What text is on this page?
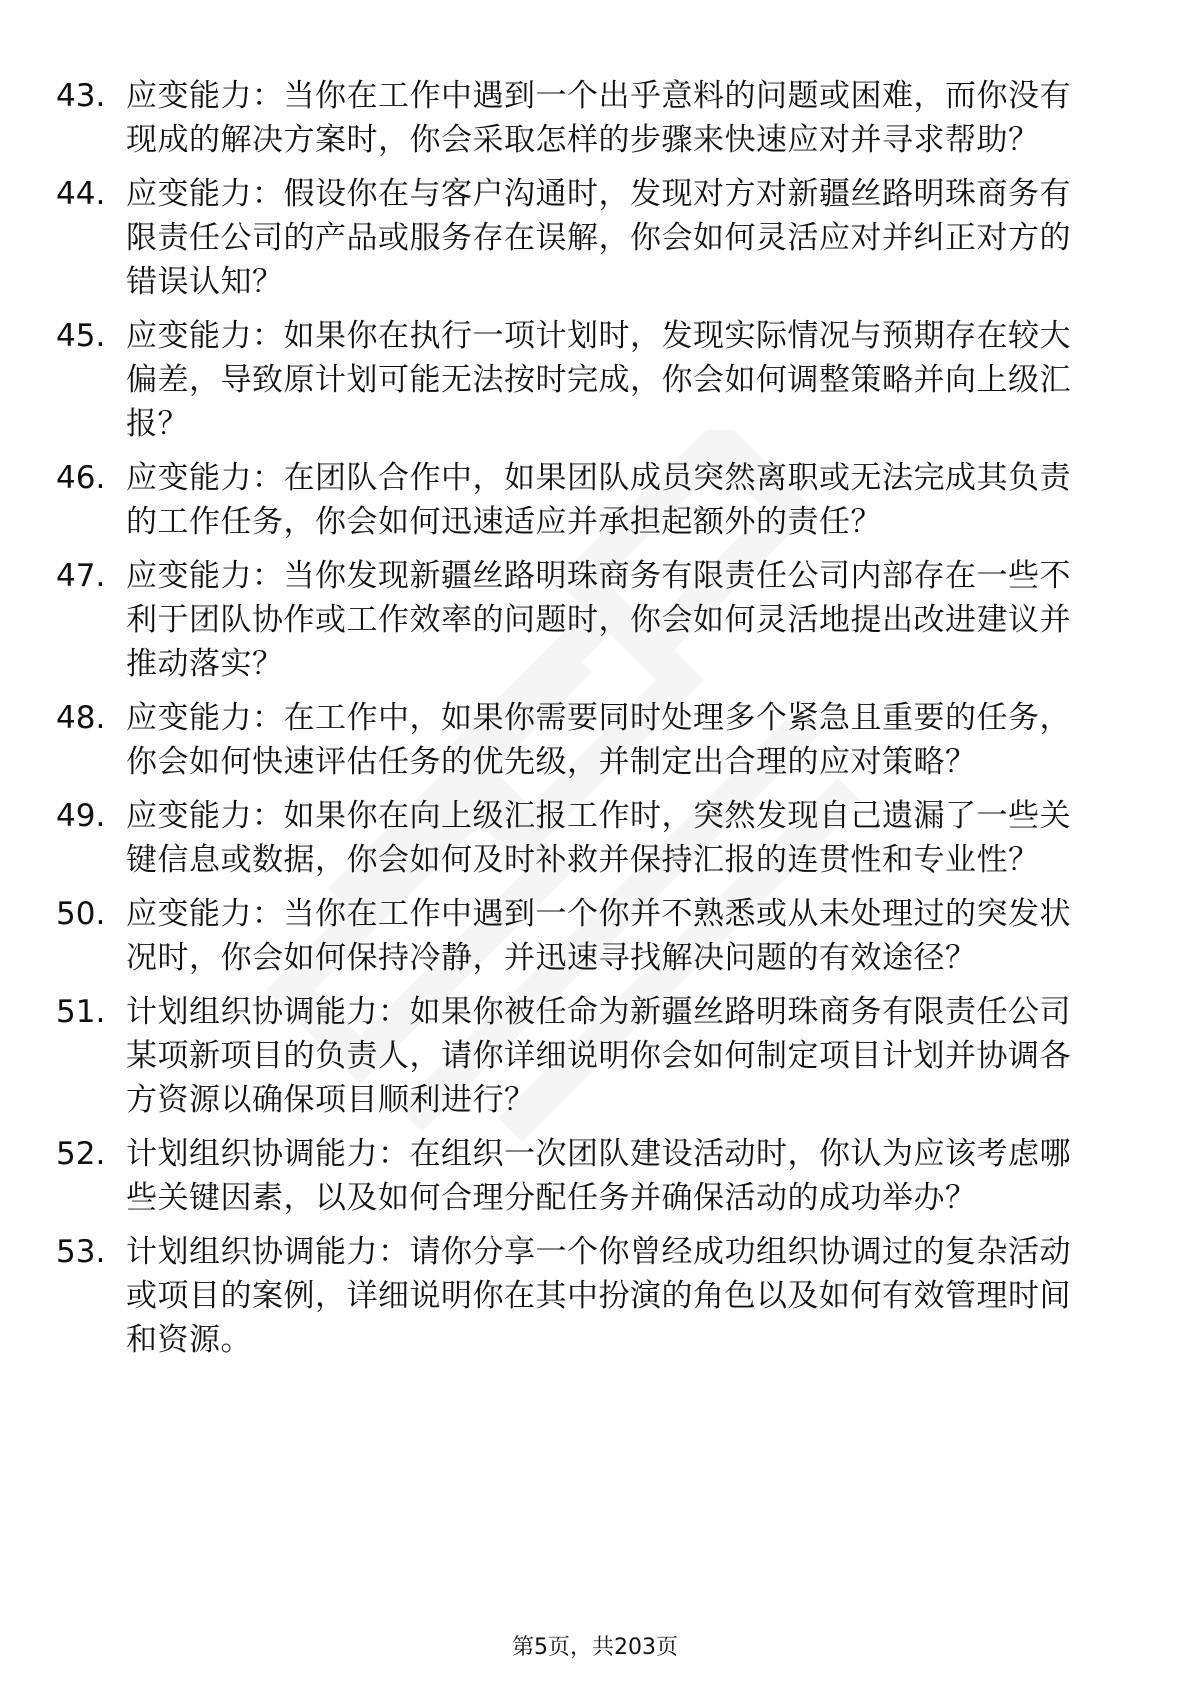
43. 应变能力：当你在工作中遇到一个出乎意料的问题或困难，而你没有现成的解决方案时，你会采取怎样的步骤来快速应对并寻求帮助？
44. 应变能力：假设你在与客户沟通时，发现对方对新疆丝路明珠商务有限责任公司的产品或服务存在误解，你会如何灵活应对并纠正对方的错误认知？
45. 应变能力：如果你在执行一项计划时，发现实际情况与预期存在较大偏差，导致原计划可能无法按时完成，你会如何调整策略并向上级汇报？
46. 应变能力：在团队合作中，如果团队成员突然离职或无法完成其负责的工作任务，你会如何迅速适应并承担起额外的责任？
47. 应变能力：当你发现新疆丝路明珠商务有限责任公司内部存在一些不利于团队协作或工作效率的问题时，你会如何灵活地提出改进建议并推动落实？
48. 应变能力：在工作中，如果你需要同时处理多个紧急且重要的任务，你会如何快速评估任务的优先级，并制定出合理的应对策略？
49. 应变能力：如果你在向上级汇报工作时，突然发现自己遗漏了一些关键信息或数据，你会如何及时补救并保持汇报的连贯性和专业性？
50. 应变能力：当你在工作中遇到一个你并不熟悉或从未处理过的突发状况时，你会如何保持冷静，并迅速寻找解决问题的有效途径？
51. 计划组织协调能力：如果你被任命为新疆丝路明珠商务有限责任公司某项新项目的负责人，请你详细说明你会如何制定项目计划并协调各方资源以确保项目顺利进行？
52. 计划组织协调能力：在组织一次团队建设活动时，你认为应该考虑哪些关键因素，以及如何合理分配任务并确保活动的成功举办？
53. 计划组织协调能力：请你分享一个你曾经成功组织协调过的复杂活动或项目的案例，详细说明你在其中扮演的角色以及如何有效管理时间和资源。
第5页，共203页
